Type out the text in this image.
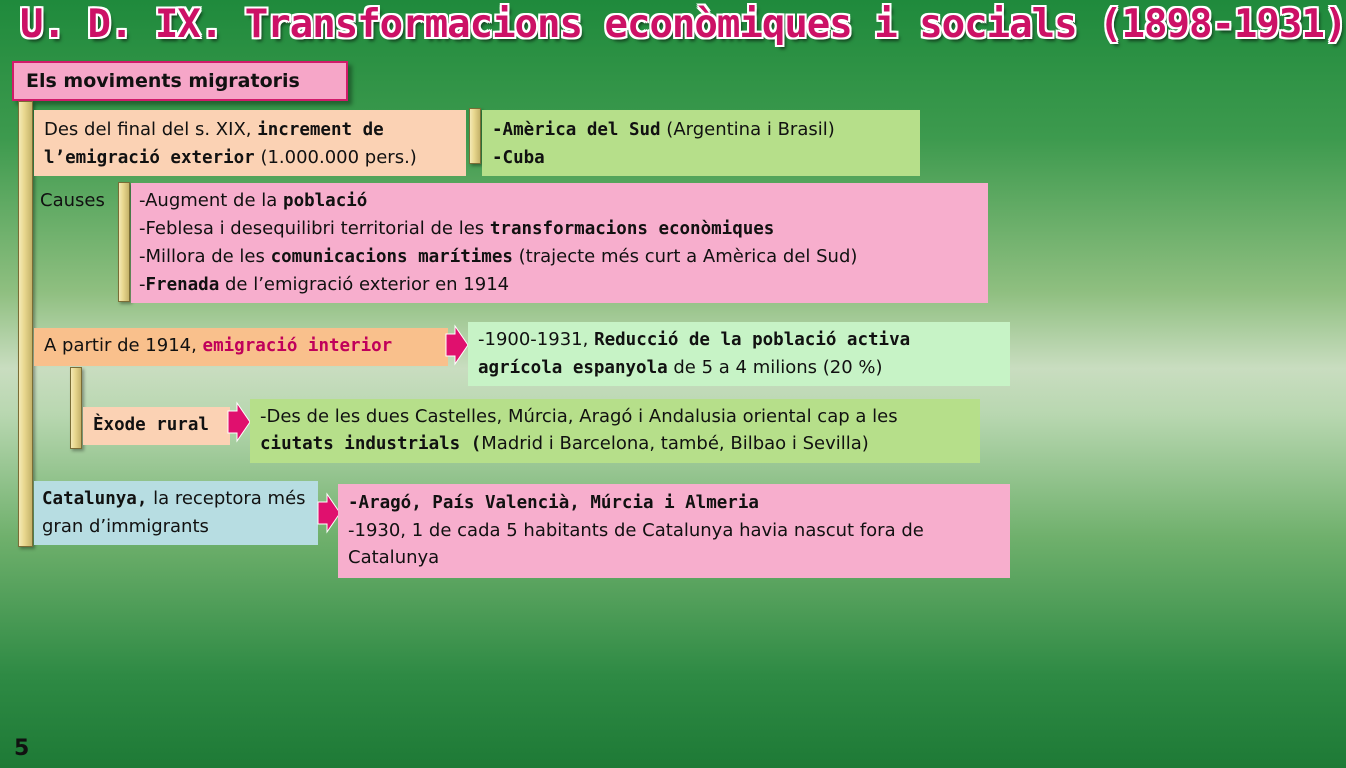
U. D. IX. Transformacions econòmiques i socials (1898-1931)
Els moviments migratoris
Des del final del s. XIX, increment de l’emigració exterior (1.000.000 pers.)

-Amèrica del Sud (Argentina i Brasil)

-Cuba

Causes -Augment de la població

-Feblesa i desequilibri territorial de les transformacions econòmiques

-Millora de les comunicacions marítimes (trajecte més curt a Amèrica del Sud)

-Frenada de l’emigració exterior en 1914

A partir de 1914, emigració interior	-1900-1931, Reducció de la població activa agrícola espanyola de 5 a 4 milions (20 %)
Èxode rural	-Des de les dues Castelles, Múrcia, Aragó i Andalusia oriental cap a les ciutats industrials (Madrid i Barcelona, també, Bilbao i Sevilla)
Catalunya, la receptora més gran d’immigrants

-Aragó, País Valencià, Múrcia i Almeria

-1930, 1 de cada 5 habitants de Catalunya havia nascut fora de Catalunya

5
